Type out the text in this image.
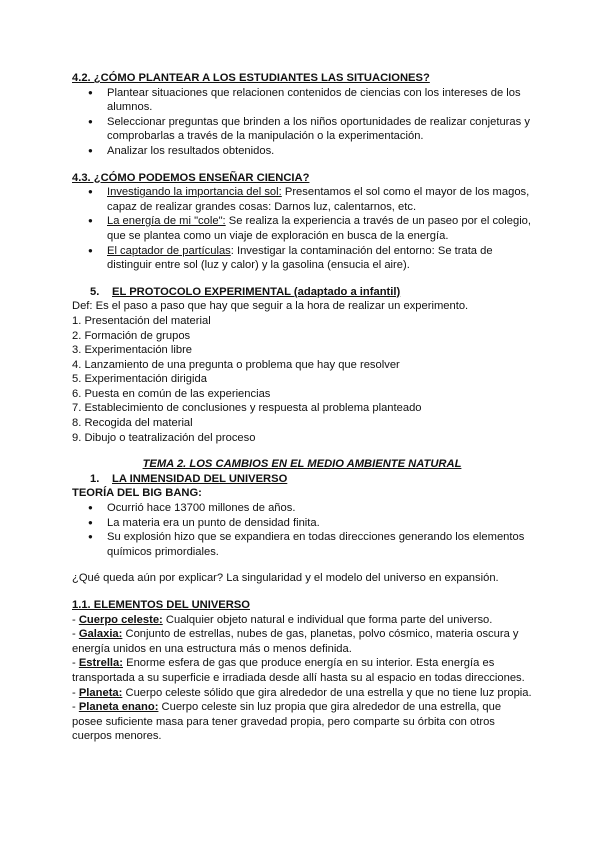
4.2. ¿CÓMO PLANTEAR A LOS ESTUDIANTES LAS SITUACIONES?

● Plantear situaciones que relacionen contenidos de ciencias con los intereses de los alumnos.
● Seleccionar preguntas que brinden a los niños oportunidades de realizar conjeturas y comprobarlas a través de la manipulación o la experimentación.
● Analizar los resultados obtenidos.

4.3. ¿CÓMO PODEMOS ENSEÑAR CIENCIA?

● Investigando la importancia del sol: Presentamos el sol como el mayor de los magos, capaz de realizar grandes cosas: Darnos luz, calentarnos, etc.
● La energía de mi "cole": Se realiza la experiencia a través de un paseo por el colegio, que se plantea como un viaje de exploración en busca de la energía.
● El captador de partículas: Investigar la contaminación del entorno: Se trata de distinguir entre sol (luz y calor) y la gasolina (ensucia el aire).

5. EL PROTOCOLO EXPERIMENTAL (adaptado a infantil)

Def: Es el paso a paso que hay que seguir a la hora de realizar un experimento.

1. Presentación del material

2. Formación de grupos

3. Experimentación libre

4. Lanzamiento de una pregunta o problema que hay que resolver

5. Experimentación dirigida

6. Puesta en común de las experiencias

7. Establecimiento de conclusiones y respuesta al problema planteado

8. Recogida del material

9. Dibujo o teatralización del proceso

TEMA 2. LOS CAMBIOS EN EL MEDIO AMBIENTE NATURAL

1. LA INMENSIDAD DEL UNIVERSO

TEORÍA DEL BIG BANG:

● Ocurrió hace 13700 millones de años.
● La materia era un punto de densidad finita.
● Su explosión hizo que se expandiera en todas direcciones generando los elementos químicos primordiales.

¿Qué queda aún por explicar? La singularidad y el modelo del universo en expansión.

1.1. ELEMENTOS DEL UNIVERSO

- Cuerpo celeste: Cualquier objeto natural e individual que forma parte del universo.

- Galaxia: Conjunto de estrellas, nubes de gas, planetas, polvo cósmico, materia oscura y energía unidos en una estructura más o menos definida.

- Estrella: Enorme esfera de gas que produce energía en su interior. Esta energía es transportada a su superficie e irradiada desde allí hasta su al espacio en todas direcciones.

- Planeta: Cuerpo celeste sólido que gira alrededor de una estrella y que no tiene luz propia.

- Planeta enano: Cuerpo celeste sin luz propia que gira alrededor de una estrella, que posee suficiente masa para tener gravedad propia, pero comparte su órbita con otros cuerpos menores.
